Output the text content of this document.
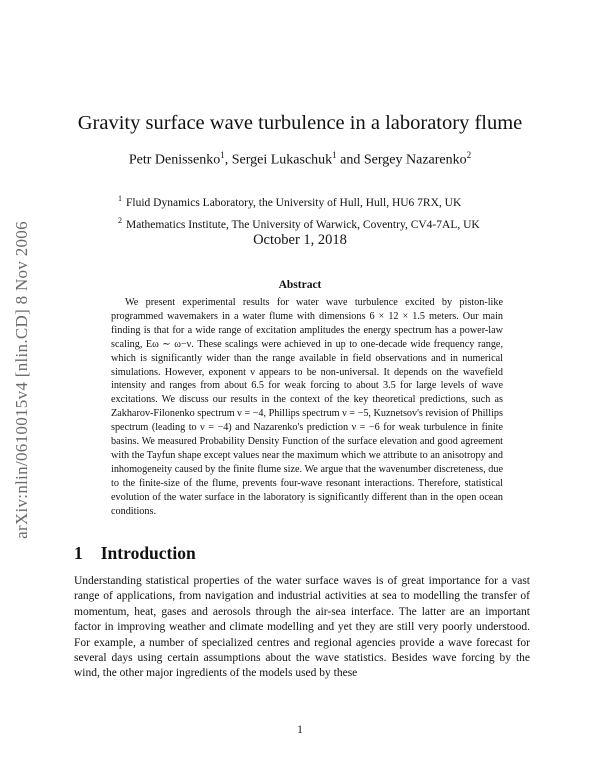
arXiv:nlin/0610015v4 [nlin.CD] 8 Nov 2006
Gravity surface wave turbulence in a laboratory flume
Petr Denissenko$^1$, Sergei Lukaschuk$^1$ and Sergey Nazarenko$^2$
$^1$ Fluid Dynamics Laboratory, the University of Hull, Hull, HU6 7RX, UK
$^2$ Mathematics Institute, The University of Warwick, Coventry, CV4-7AL, UK
October 1, 2018
Abstract
We present experimental results for water wave turbulence excited by piston-like programmed wavemakers in a water flume with dimensions 6 × 12 × 1.5 meters. Our main finding is that for a wide range of excitation amplitudes the energy spectrum has a power-law scaling, Eω ∼ ω−ν. These scalings were achieved in up to one-decade wide frequency range, which is significantly wider than the range available in field observations and in numerical simulations. However, exponent ν appears to be non-universal. It depends on the wavefield intensity and ranges from about 6.5 for weak forcing to about 3.5 for large levels of wave excitations. We discuss our results in the context of the key theoretical predictions, such as Zakharov-Filonenko spectrum ν = −4, Phillips spectrum ν = −5, Kuznetsov's revision of Phillips spectrum (leading to ν = −4) and Nazarenko's prediction ν = −6 for weak turbulence in finite basins. We measured Probability Density Function of the surface elevation and good agreement with the Tayfun shape except values near the maximum which we attribute to an anisotropy and inhomogeneity caused by the finite flume size. We argue that the wavenumber discreteness, due to the finite-size of the flume, prevents four-wave resonant interactions. Therefore, statistical evolution of the water surface in the laboratory is significantly different than in the open ocean conditions.
1 Introduction
Understanding statistical properties of the water surface waves is of great importance for a vast range of applications, from navigation and industrial activities at sea to modelling the transfer of momentum, heat, gases and aerosols through the air-sea interface. The latter are an important factor in improving weather and climate modelling and yet they are still very poorly understood. For example, a number of specialized centres and regional agencies provide a wave forecast for several days using certain assumptions about the wave statistics. Besides wave forcing by the wind, the other major ingredients of the models used by these
1
